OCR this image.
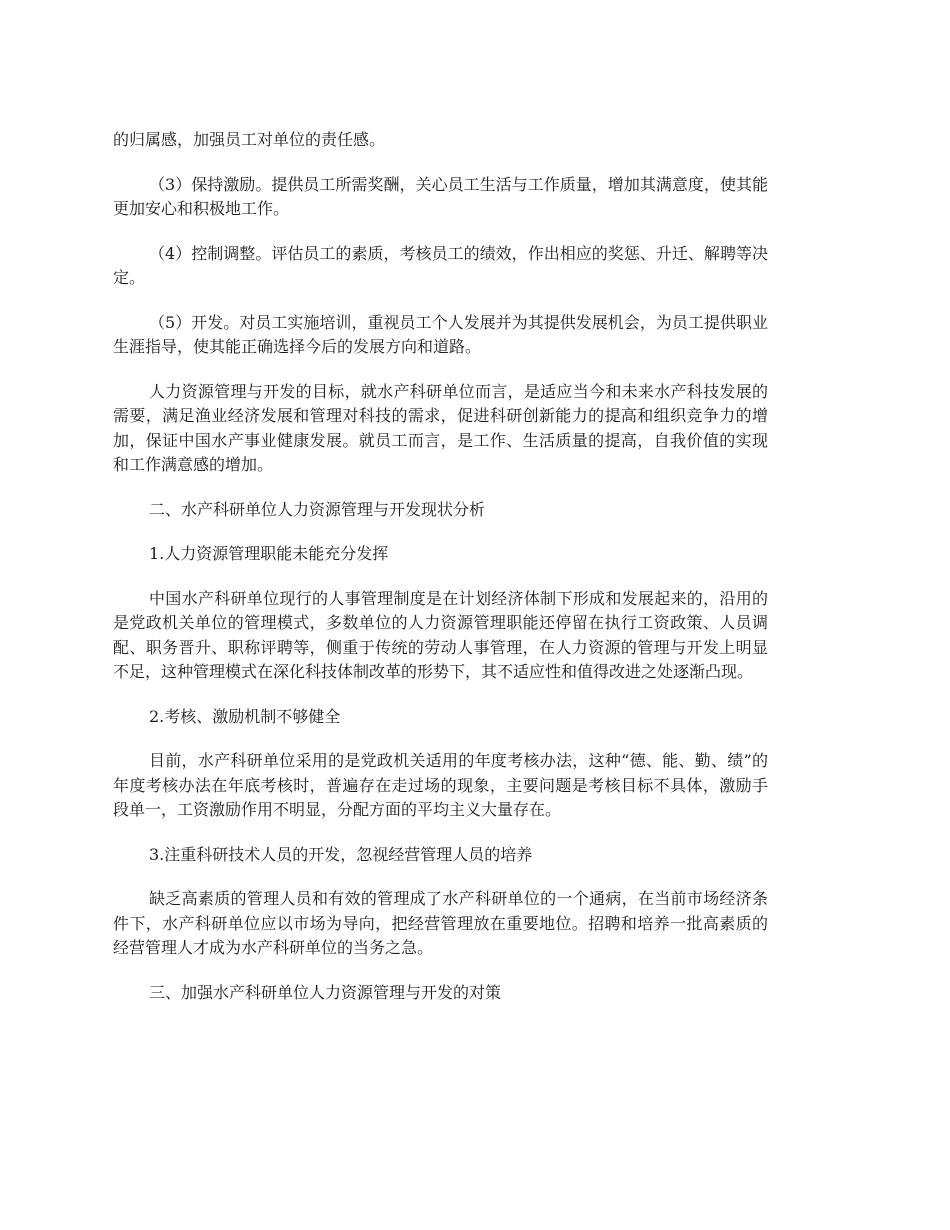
的归属感，加强员工对单位的责任感。

（3）保持激励。提供员工所需奖酬，关心员工生活与工作质量，增加其满意度，使其能更加安心和积极地工作。

（4）控制调整。评估员工的素质，考核员工的绩效，作出相应的奖惩、升迁、解聘等决定。

（5）开发。对员工实施培训，重视员工个人发展并为其提供发展机会，为员工提供职业生涯指导，使其能正确选择今后的发展方向和道路。

人力资源管理与开发的目标，就水产科研单位而言，是适应当今和未来水产科技发展的需要，满足渔业经济发展和管理对科技的需求，促进科研创新能力的提高和组织竞争力的增加，保证中国水产事业健康发展。就员工而言，是工作、生活质量的提高，自我价值的实现和工作满意感的增加。

二、水产科研单位人力资源管理与开发现状分析

1.人力资源管理职能未能充分发挥

中国水产科研单位现行的人事管理制度是在计划经济体制下形成和发展起来的，沿用的是党政机关单位的管理模式，多数单位的人力资源管理职能还停留在执行工资政策、人员调配、职务晋升、职称评聘等，侧重于传统的劳动人事管理，在人力资源的管理与开发上明显不足，这种管理模式在深化科技体制改革的形势下，其不适应性和值得改进之处逐渐凸现。

2.考核、激励机制不够健全

目前，水产科研单位采用的是党政机关适用的年度考核办法，这种“德、能、勤、绩”的年度考核办法在年底考核时，普遍存在走过场的现象，主要问题是考核目标不具体，激励手段单一，工资激励作用不明显，分配方面的平均主义大量存在。

3.注重科研技术人员的开发，忽视经营管理人员的培养

缺乏高素质的管理人员和有效的管理成了水产科研单位的一个通病，在当前市场经济条件下，水产科研单位应以市场为导向，把经营管理放在重要地位。招聘和培养一批高素质的经营管理人才成为水产科研单位的当务之急。

三、加强水产科研单位人力资源管理与开发的对策
